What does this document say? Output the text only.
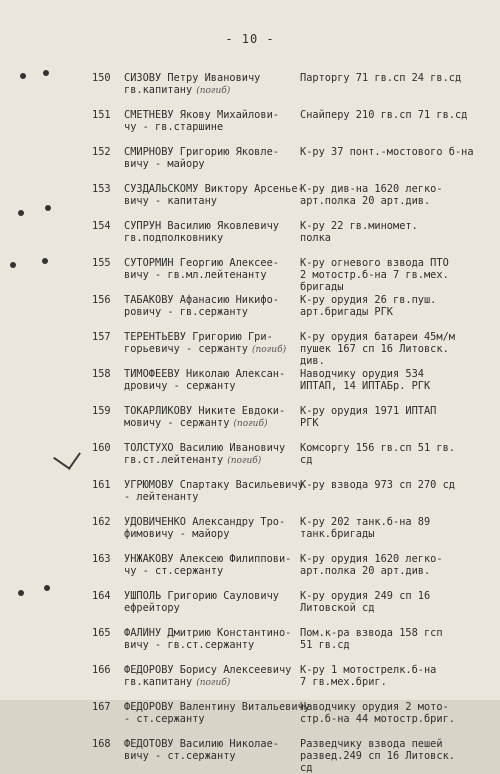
- 10 -
150	СИЗОВУ Петру Ивановичу
гв.капитану (погиб)
Парторгу 71 гв.сп 24 гв.сд
151	СМЕТНЕВУ Якову Михайлови-
чу - гв.старшине
Снайперу 210 гв.сп 71 гв.сд
152	СМИРНОВУ Григорию Яковле-
вичу - майору
К-ру 37 понт.-мостового б-на
153	СУЗДАЛЬСКОМУ Виктору Арсенье-
вичу - капитану
К-ру див-на 1620 легко-
арт.полка 20 арт.див.
154	СУПРУН Василию Яковлевичу
гв.подполковнику
К-ру 22 гв.миномет.
полка
155	СУТОРМИН Георгию Алексее-
вичу - гв.мл.лейтенанту
К-ру огневого взвода ПТО
2 мотостр.б-на 7 гв.мех.
бригады
156	ТАБАКОВУ Афанасию Никифо-
ровичу - гв.сержанту
К-ру орудия 26 гв.пуш.
арт.бригады РГК
157	ТЕРЕНТЬЕВУ Григорию Гри-
горьевичу - сержанту (погиб)
К-ру орудия батареи 45м/м
пушек 167 сп 16 Литовск.
див.
158	ТИМОФЕЕВУ Николаю Алексан-
дровичу - сержанту
Наводчику орудия 534
ИПТАП, 14 ИПТАБр. РГК
159	ТОКАРЛИКОВУ Никите Евдоки-
мовичу - сержанту (погиб)
К-ру орудия 1971 ИПТАП
РГК
160	ТОЛСТУХО Василию Ивановичу
гв.ст.лейтенанту (погиб)
Комсоргу 156 гв.сп 51 гв.
сд
161	УГРЮМОВУ Спартаку Васильевичу
- лейтенанту
К-ру взвода 973 сп 270 сд
162	УДОВИЧЕНКО Александру Тро-
фимовичу - майору
К-ру 202 танк.б-на 89
танк.бригады
163	УНЖАКОВУ Алексею Филиппови-
чу - ст.сержанту
К-ру орудия 1620 легко-
арт.полка 20 арт.див.
164	УШПОЛЬ Григорию Сауловичу
ефрейтору
К-ру орудия 249 сп 16
Литовской сд
165	ФАЛИНУ Дмитрию Константино-
вичу - гв.ст.сержанту
Пом.к-ра взвода 158 гсп
51 гв.сд
166	ФЕДОРОВУ Борису Алексеевичу
гв.капитану (погиб)
К-ру 1 мотострелк.б-на
7 гв.мех.бриг.
167	ФЕДОРОВУ Валентину Витальевичу
- ст.сержанту
Наводчику орудия 2 мото-
стр.б-на 44 мотостр.бриг.
168	ФЕДОТОВУ Василию Николае-
вичу - ст.сержанту
Разведчику взвода пешей
развед.249 сп 16 Литовск.
сд
